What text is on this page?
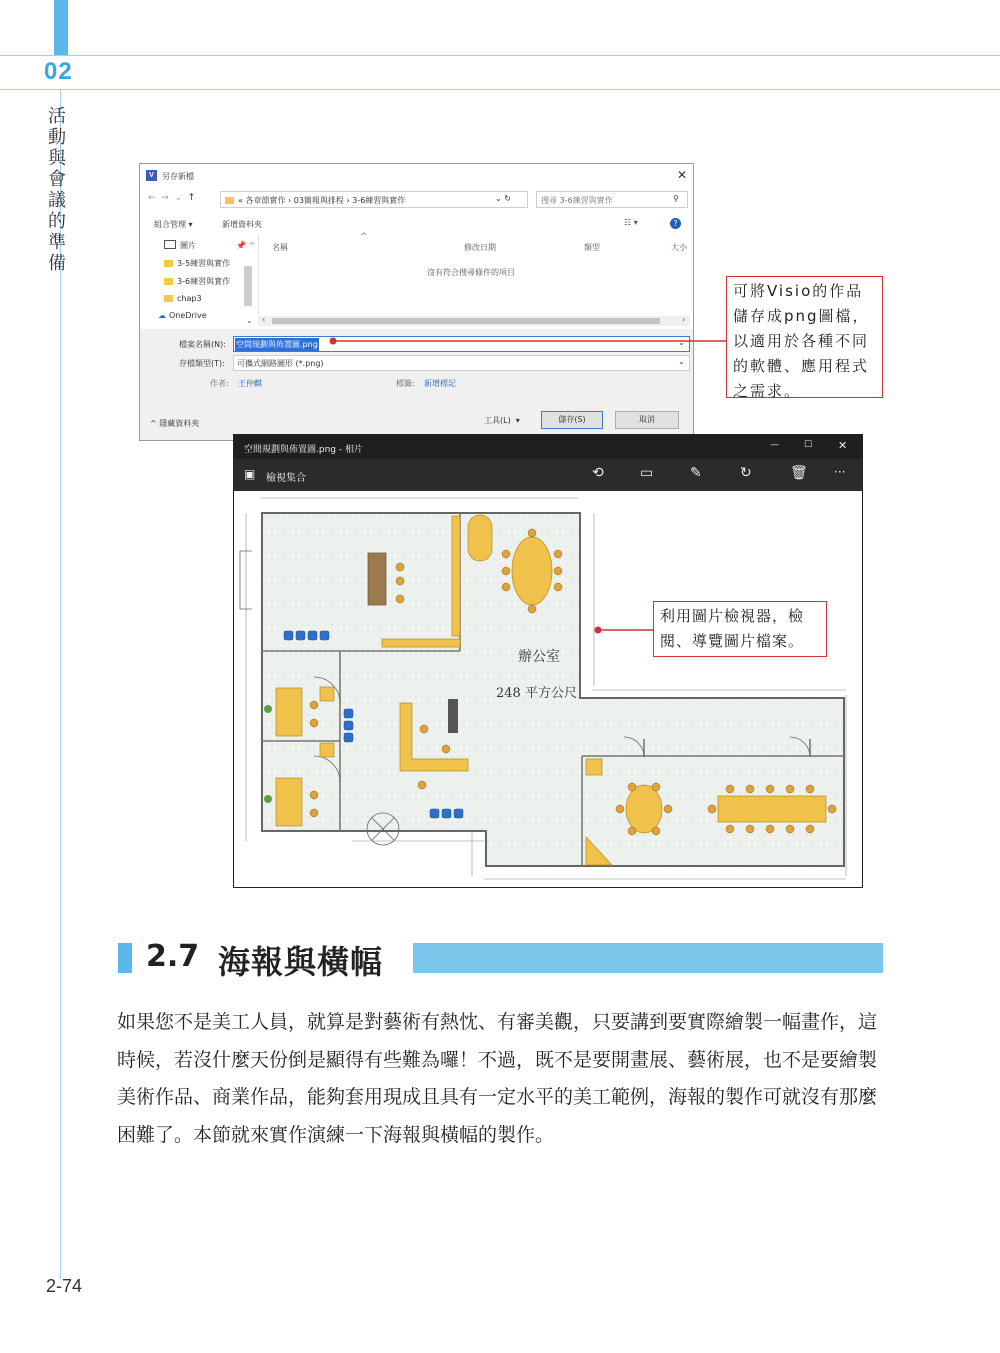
02
活動與會議的準備
2-74
V	另存新檔	✕
←  →  ⌄  ↑	« 各章節實作 › 03簡報與排程 › 3-6練習與實作	⌄ ↻	搜尋 3-6練習與實作	⚲
組合管理 ▾	新增資料夾	☷ ▾	?
圖片	📌 ^
3-5練習與實作
3-6練習與實作
chap3
☁ OneDrive
⌄
^
名稱	修改日期	類型	大小
沒有符合搜尋條件的項目
‹	›
檔案名稱(N): 空間規劃與佈置圖.png	⌄
存檔類型(T): 可攜式網路圖形 (*.png)	⌄
作者: 王仲麒	標籤: 新增標記
^ 隱藏資料夾	工具(L)  ▾	儲存(S)	取消
空間規劃與佈置圖.png - 相片	—	☐ ✕
▣ 檢視集合	⟲	▭	✎	↻	🗑 ···
辦公室
248 平方公尺
可將Visio的作品儲存成png圖檔，以適用於各種不同的軟體、應用程式之需求。
利用圖片檢視器，檢閱、導覽圖片檔案。
2.7 海報與橫幅
如果您不是美工人員，就算是對藝術有熱忱、有審美觀，只要講到要實際繪製一幅畫作，這時候，若沒什麼天份倒是顯得有些難為囉！不過，既不是要開畫展、藝術展，也不是要繪製美術作品、商業作品，能夠套用現成且具有一定水平的美工範例，海報的製作可就沒有那麼困難了。本節就來實作演練一下海報與橫幅的製作。
